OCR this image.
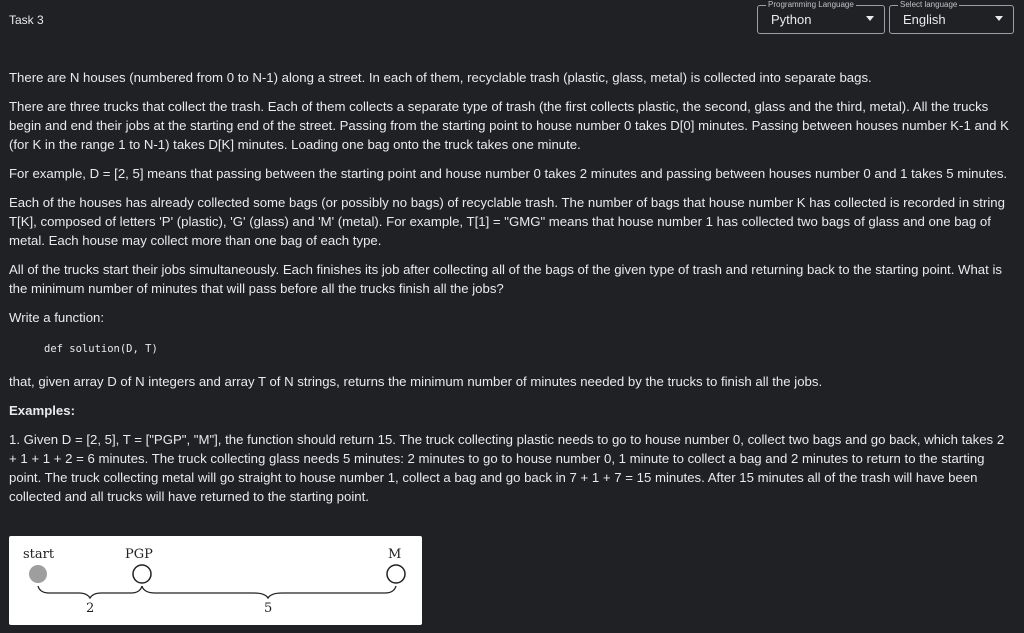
Task 3
Programming Language
Python
Select language
English

There are N houses (numbered from 0 to N-1) along a street. In each of them, recyclable trash (plastic, glass, metal) is collected into separate bags.

There are three trucks that collect the trash. Each of them collects a separate type of trash (the first collects plastic, the second, glass and the third, metal). All the trucks begin and end their jobs at the starting end of the street. Passing from the starting point to house number 0 takes D[0] minutes. Passing between houses number K-1 and K (for K in the range 1 to N-1) takes D[K] minutes. Loading one bag onto the truck takes one minute.

For example, D = [2, 5] means that passing between the starting point and house number 0 takes 2 minutes and passing between houses number 0 and 1 takes 5 minutes.

Each of the houses has already collected some bags (or possibly no bags) of recyclable trash. The number of bags that house number K has collected is recorded in string T[K], composed of letters 'P' (plastic), 'G' (glass) and 'M' (metal). For example, T[1] = "GMG" means that house number 1 has collected two bags of glass and one bag of metal. Each house may collect more than one bag of each type.

All of the trucks start their jobs simultaneously. Each finishes its job after collecting all of the bags of the given type of trash and returning back to the starting point. What is the minimum number of minutes that will pass before all the trucks finish all the jobs?

Write a function:

def solution(D, T)

that, given array D of N integers and array T of N strings, returns the minimum number of minutes needed by the trucks to finish all the jobs.

Examples:

1. Given D = [2, 5], T = ["PGP", "M"], the function should return 15. The truck collecting plastic needs to go to house number 0, collect two bags and go back, which takes 2 + 1 + 1 + 2 = 6 minutes. The truck collecting glass needs 5 minutes: 2 minutes to go to house number 0, 1 minute to collect a bag and 2 minutes to return to the starting point. The truck collecting metal will go straight to house number 1, collect a bag and go back in 7 + 1 + 7 = 15 minutes. After 15 minutes all of the trash will have been collected and all trucks will have returned to the starting point.

start	PGP	M
2	5
